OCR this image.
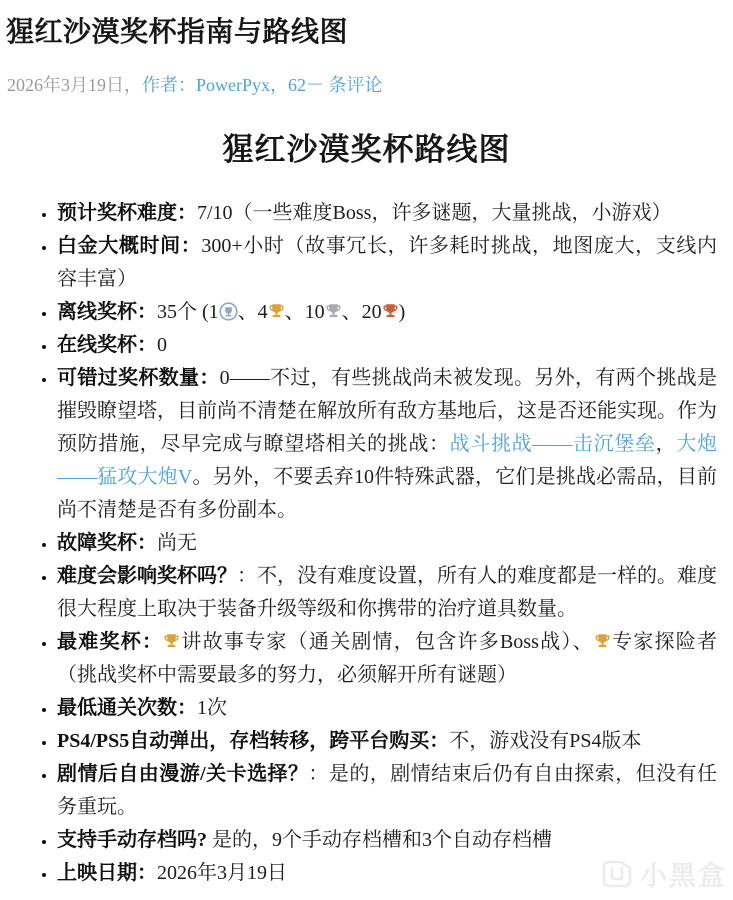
猩红沙漠奖杯指南与路线图
2026年3月19日，作者：PowerPyx，62－ 条评论
猩红沙漠奖杯路线图
• 预计奖杯难度：7/10（一些难度Boss，许多谜题，大量挑战，小游戏）
• 白金大概时间：300+小时（故事冗长，许多耗时挑战，地图庞大，支线内容丰富）
• 离线奖杯：35个 (1 、4 、10 、20 )
• 在线奖杯：0
• 可错过奖杯数量：0——不过，有些挑战尚未被发现。另外，有两个挑战是摧毁瞭望塔，目前尚不清楚在解放所有敌方基地后，这是否还能实现。作为预防措施，尽早完成与瞭望塔相关的挑战：战斗挑战——击沉堡垒，大炮——猛攻大炮V。另外，不要丢弃10件特殊武器，它们是挑战必需品，目前尚不清楚是否有多份副本。
• 故障奖杯：尚无
• 难度会影响奖杯吗？：不，没有难度设置，所有人的难度都是一样的。难度很大程度上取决于装备升级等级和你携带的治疗道具数量。
• 最难奖杯： 讲故事专家（通关剧情，包含许多Boss战）、 专家探险者（挑战奖杯中需要最多的努力，必须解开所有谜题）
• 最低通关次数：1次
• PS4/PS5自动弹出，存档转移，跨平台购买：不，游戏没有PS4版本
• 剧情后自由漫游/关卡选择？：是的，剧情结束后仍有自由探索，但没有任务重玩。
• 支持手动存档吗? 是的，9个手动存档槽和3个自动存档槽
• 上映日期：2026年3月19日	小黑盒
